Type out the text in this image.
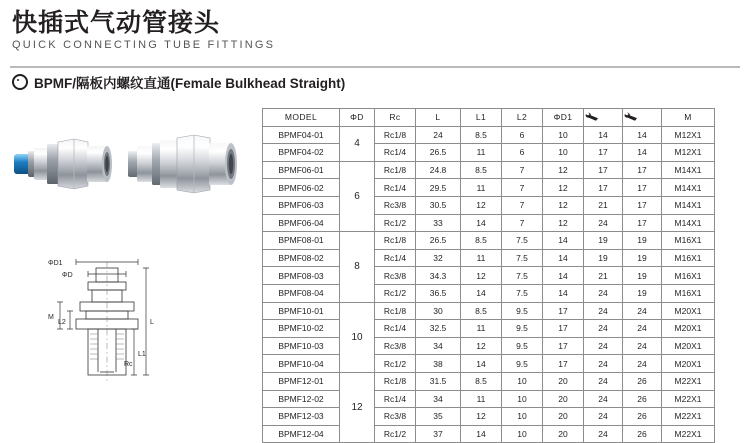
快插式气动管接头
QUICK CONNECTING TUBE FITTINGS
BPMF/隔板内螺纹直通(Female Bulkhead Straight)
ΦD1
ΦD
M
L2
Rc
L
L1
MODEL	ΦD	Rc	L	L1	L2	ΦD1			M
BPMF04-01	4	Rc1/8	24	8.5	6	10	14	14	M12X1
BPMF04-02		Rc1/4	26.5	11	6	10	17	14	M12X1
BPMF06-01	6	Rc1/8	24.8	8.5	7	12	17	17	M14X1
BPMF06-02		Rc1/4	29.5	11	7	12	17	17	M14X1
BPMF06-03		Rc3/8	30.5	12	7	12	21	17	M14X1
BPMF06-04		Rc1/2	33	14	7	12	24	17	M14X1
BPMF08-01	8	Rc1/8	26.5	8.5	7.5	14	19	19	M16X1
BPMF08-02		Rc1/4	32	11	7.5	14	19	19	M16X1
BPMF08-03		Rc3/8	34.3	12	7.5	14	21	19	M16X1
BPMF08-04		Rc1/2	36.5	14	7.5	14	24	19	M16X1
BPMF10-01	10	Rc1/8	30	8.5	9.5	17	24	24	M20X1
BPMF10-02		Rc1/4	32.5	11	9.5	17	24	24	M20X1
BPMF10-03		Rc3/8	34	12	9.5	17	24	24	M20X1
BPMF10-04		Rc1/2	38	14	9.5	17	24	24	M20X1
BPMF12-01	12	Rc1/8	31.5	8.5	10	20	24	26	M22X1
BPMF12-02		Rc1/4	34	11	10	20	24	26	M22X1
BPMF12-03		Rc3/8	35	12	10	20	24	26	M22X1
BPMF12-04		Rc1/2	37	14	10	20	24	26	M22X1
